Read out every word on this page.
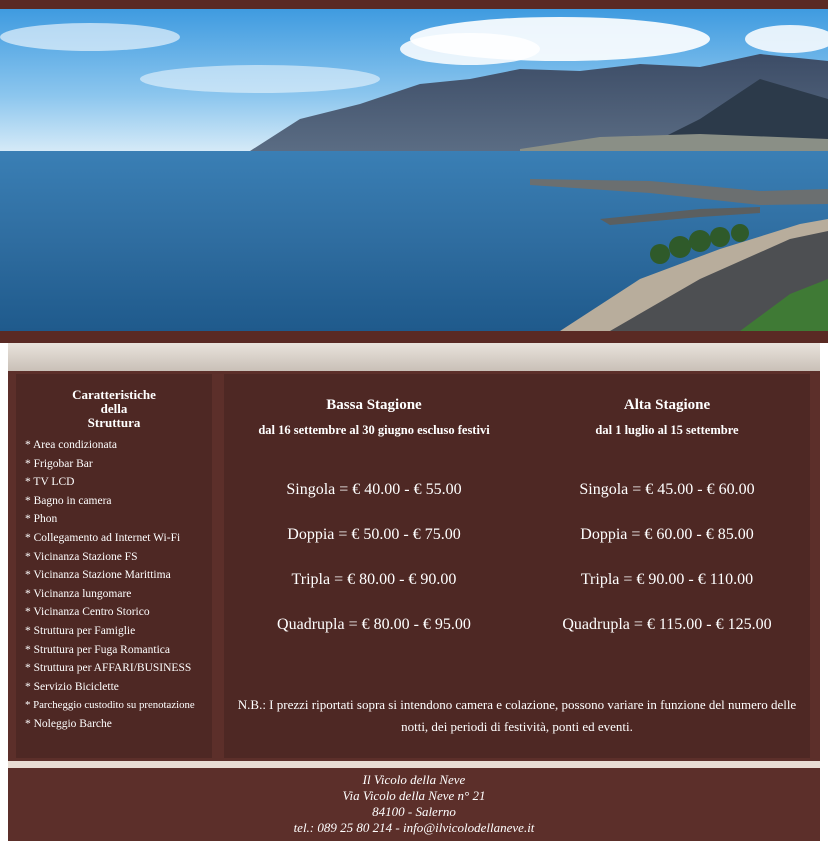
Caratteristiche
della
Struttura
* Area condizionata
* Frigobar Bar
* TV LCD
* Bagno in camera
* Phon
* Collegamento ad Internet Wi-Fi
* Vicinanza Stazione FS
* Vicinanza Stazione Marittima
* Vicinanza lungomare
* Vicinanza Centro Storico
* Struttura per Famiglie
* Struttura per Fuga Romantica
* Struttura per AFFARI/BUSINESS
* Servizio Biciclette
* Parcheggio custodito su prenotazione
* Noleggio Barche
Bassa Stagione
dal 16 settembre al 30 giugno escluso festivi
Alta Stagione
dal 1 luglio al 15 settembre
Singola = € 40.00 - € 55.00
Doppia = € 50.00 - € 75.00
Tripla = € 80.00 - € 90.00
Quadrupla = € 80.00 - € 95.00
Singola = € 45.00 - € 60.00
Doppia = € 60.00 - € 85.00
Tripla = € 90.00 - € 110.00
Quadrupla = € 115.00 - € 125.00
N.B.: I prezzi riportati sopra si intendono camera e colazione, possono variare in funzione del numero delle notti, dei periodi di festività, ponti ed eventi.
Il Vicolo della Neve
Via Vicolo della Neve n° 21
84100 - Salerno
tel.: 089 25 80 214 - info@ilvicolodellaneve.it
